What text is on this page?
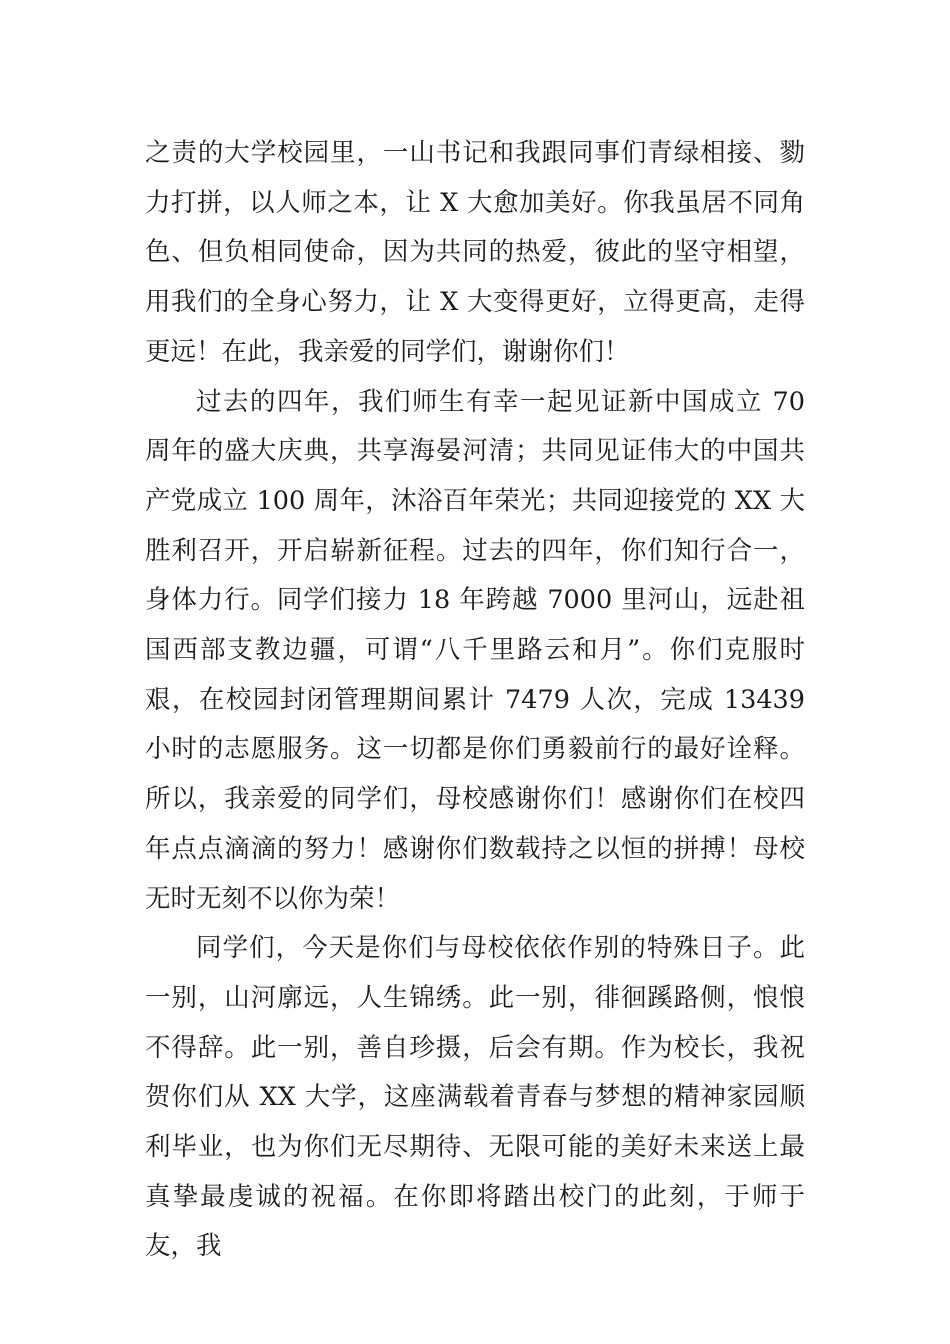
之责的大学校园里，一山书记和我跟同事们青绿相接、勠力打拼，以人师之本，让 X 大愈加美好。你我虽居不同角色、但负相同使命，因为共同的热爱，彼此的坚守相望，用我们的全身心努力，让 X 大变得更好，立得更高，走得更远！在此，我亲爱的同学们，谢谢你们！

过去的四年，我们师生有幸一起见证新中国成立 70 周年的盛大庆典，共享海晏河清；共同见证伟大的中国共产党成立 100 周年，沐浴百年荣光；共同迎接党的 XX 大胜利召开，开启崭新征程。过去的四年，你们知行合一，身体力行。同学们接力 18 年跨越 7000 里河山，远赴祖国西部支教边疆，可谓“八千里路云和月”。你们克服时艰，在校园封闭管理期间累计 7479 人次，完成 13439 小时的志愿服务。这一切都是你们勇毅前行的最好诠释。所以，我亲爱的同学们，母校感谢你们！感谢你们在校四年点点滴滴的努力！感谢你们数载持之以恒的拼搏！母校无时无刻不以你为荣！

同学们，今天是你们与母校依依作别的特殊日子。此一别，山河廓远，人生锦绣。此一别，徘徊蹊路侧，悢悢不得辞。此一别，善自珍摄，后会有期。作为校长，我祝贺你们从 XX 大学，这座满载着青春与梦想的精神家园顺利毕业，也为你们无尽期待、无限可能的美好未来送上最真挚最虔诚的祝福。在你即将踏出校门的此刻，于师于友，我
